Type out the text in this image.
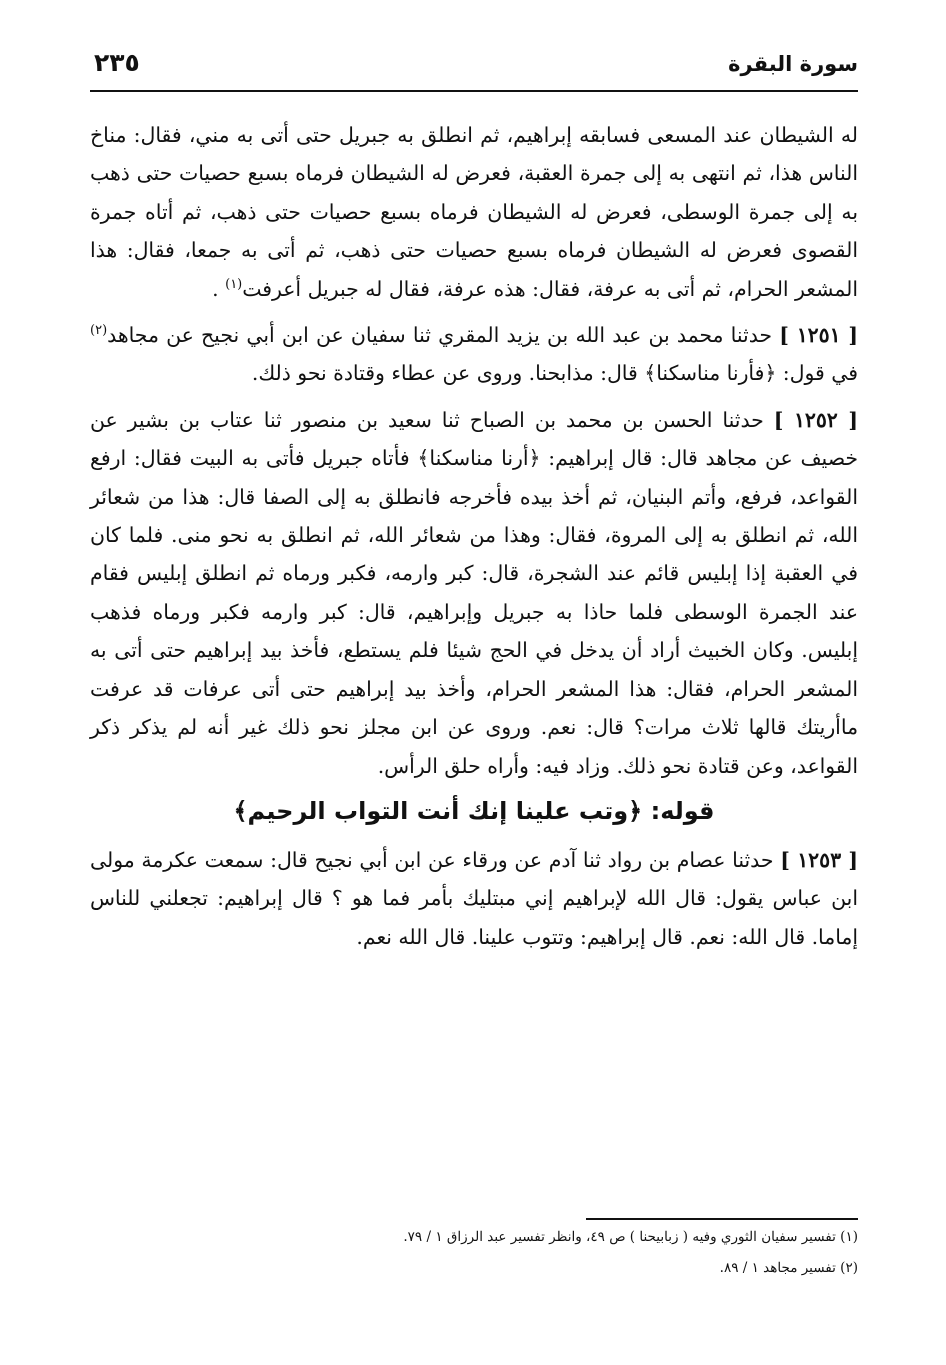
سورة البقرة
٢٣٥

له الشيطان عند المسعى فسابقه إبراهيم، ثم انطلق به جبريل حتى أتى به مني، فقال: مناخ الناس هذا، ثم انتهى به إلى جمرة العقبة، فعرض له الشيطان فرماه بسبع حصيات حتى ذهب به إلى جمرة الوسطى، فعرض له الشيطان فرماه بسبع حصيات حتى ذهب، ثم أتاه جمرة القصوى فعرض له الشيطان فرماه بسبع حصيات حتى ذهب، ثم أتى به جمعا، فقال: هذا المشعر الحرام، ثم أتى به عرفة، فقال: هذه عرفة، فقال له جبريل أعرفت$^{(١)}$ .

[ ١٢٥١ ] حدثنا محمد بن عبد الله بن يزيد المقري ثنا سفيان عن ابن أبي نجيح عن مجاهد$^{(٢)}$ في قول: ﴿فأرنا مناسكنا﴾ قال: مذابحنا. وروى عن عطاء وقتادة نحو ذلك.

[ ١٢٥٢ ] حدثنا الحسن بن محمد بن الصباح ثنا سعيد بن منصور ثنا عتاب بن بشير عن خصيف عن مجاهد قال: قال إبراهيم: ﴿أرنا مناسكنا﴾ فأتاه جبريل فأتى به البيت فقال: ارفع القواعد، فرفع، وأتم البنيان، ثم أخذ بيده فأخرجه فانطلق به إلى الصفا قال: هذا من شعائر الله، ثم انطلق به إلى المروة، فقال: وهذا من شعائر الله، ثم انطلق به نحو منى. فلما كان في العقبة إذا إبليس قائم عند الشجرة، قال: كبر وارمه، فكبر ورماه ثم انطلق إبليس فقام عند الجمرة الوسطى فلما حاذا به جبريل وإبراهيم، قال: كبر وارمه فكبر ورماه فذهب إبليس. وكان الخبيث أراد أن يدخل في الحج شيئا فلم يستطع، فأخذ بيد إبراهيم حتى أتى به المشعر الحرام، فقال: هذا المشعر الحرام، وأخذ بيد إبراهيم حتى أتى عرفات قد عرفت ماأريتك قالها ثلاث مرات؟ قال: نعم. وروى عن ابن مجلز نحو ذلك غير أنه لم يذكر ذكر القواعد، وعن قتادة نحو ذلك. وزاد فيه: وأراه حلق الرأس.

قوله: ﴿وتب علينا إنك أنت التواب الرحيم﴾

[ ١٢٥٣ ] حدثنا عصام بن رواد ثنا آدم عن ورقاء عن ابن أبي نجيح قال: سمعت عكرمة مولى ابن عباس يقول: قال الله لإبراهيم إني مبتليك بأمر فما هو ؟ قال إبراهيم: تجعلني للناس إماما. قال الله: نعم. قال إبراهيم: وتتوب علينا. قال الله نعم.

(١) تفسير سفيان الثوري وفيه ( زبابيحنا ) ص ٤٩، وانظر تفسير عبد الرزاق ١ / ٧٩.

(٢) تفسير مجاهد ١ / ٨٩.
